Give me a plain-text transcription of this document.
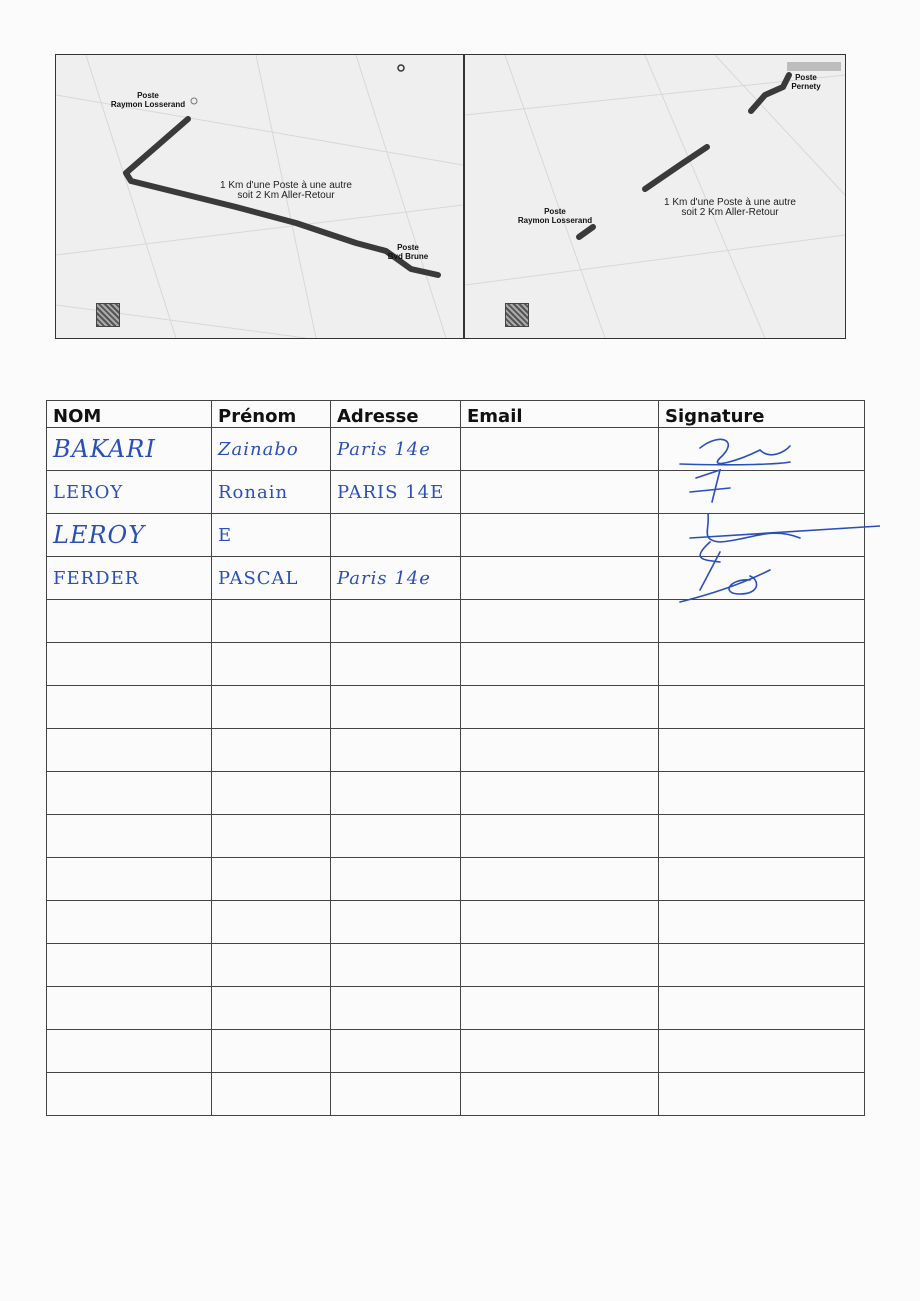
Poste
Raymon Losserand
Poste
Bvd Brune
1 Km d'une Poste à une autre
soit 2 Km Aller-Retour
Poste
Pernety
Poste
Raymon Losserand
1 Km d'une Poste à une autre
soit 2 Km Aller-Retour
NOM	Prénom	Adresse	Email	Signature
BAKARI	Zainabo	Paris 14e		
LEROY	Ronain	PARIS 14E		
LEROY	E			
FERDER	PASCAL	Paris 14e		
